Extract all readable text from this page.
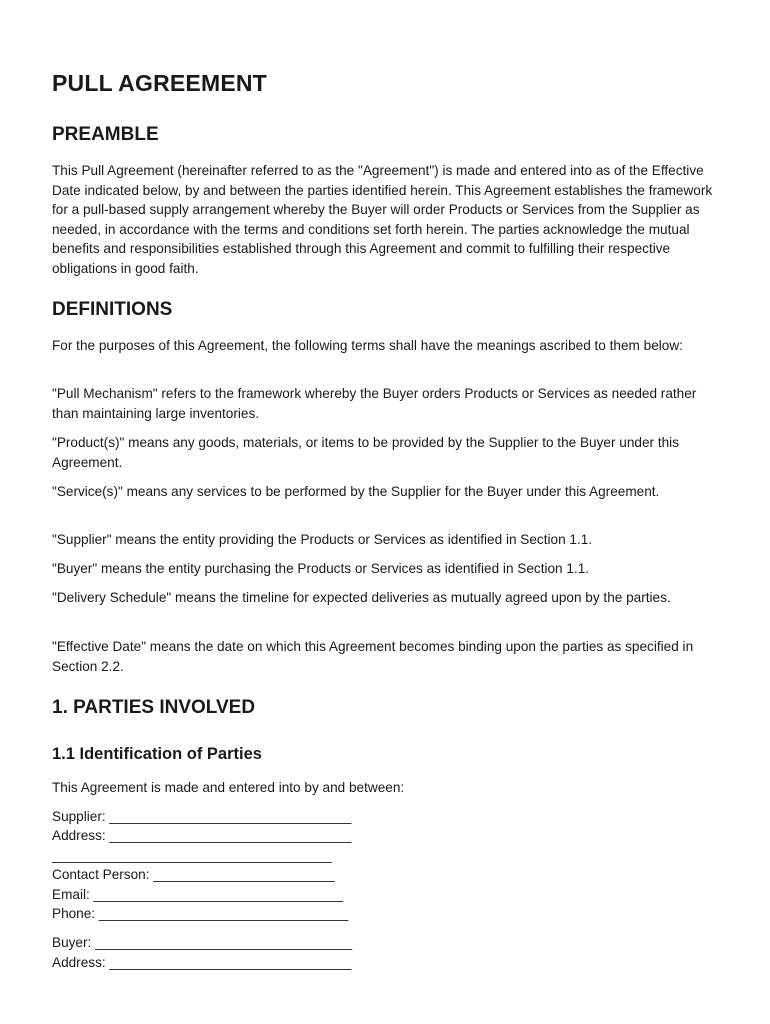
PULL AGREEMENT
PREAMBLE

This Pull Agreement (hereinafter referred to as the "Agreement") is made and entered into as of the Effective Date indicated below, by and between the parties identified herein. This Agreement establishes the framework for a pull-based supply arrangement whereby the Buyer will order Products or Services from the Supplier as needed, in accordance with the terms and conditions set forth herein. The parties acknowledge the mutual benefits and responsibilities established through this Agreement and commit to fulfilling their respective obligations in good faith.

DEFINITIONS

For the purposes of this Agreement, the following terms shall have the meanings ascribed to them below:

"Pull Mechanism" refers to the framework whereby the Buyer orders Products or Services as needed rather than maintaining large inventories.

"Product(s)" means any goods, materials, or items to be provided by the Supplier to the Buyer under this Agreement.

"Service(s)" means any services to be performed by the Supplier for the Buyer under this Agreement.

"Supplier" means the entity providing the Products or Services as identified in Section 1.1.

"Buyer" means the entity purchasing the Products or Services as identified in Section 1.1.

"Delivery Schedule" means the timeline for expected deliveries as mutually agreed upon by the parties.

"Effective Date" means the date on which this Agreement becomes binding upon the parties as specified in Section 2.2.

1. PARTIES INVOLVED
1.1 Identification of Parties

This Agreement is made and entered into by and between:

Supplier: ________________________________
Address: ________________________________
_____________________________________
Contact Person: ________________________
Email: _________________________________
Phone: _________________________________
Buyer: __________________________________
Address: ________________________________
